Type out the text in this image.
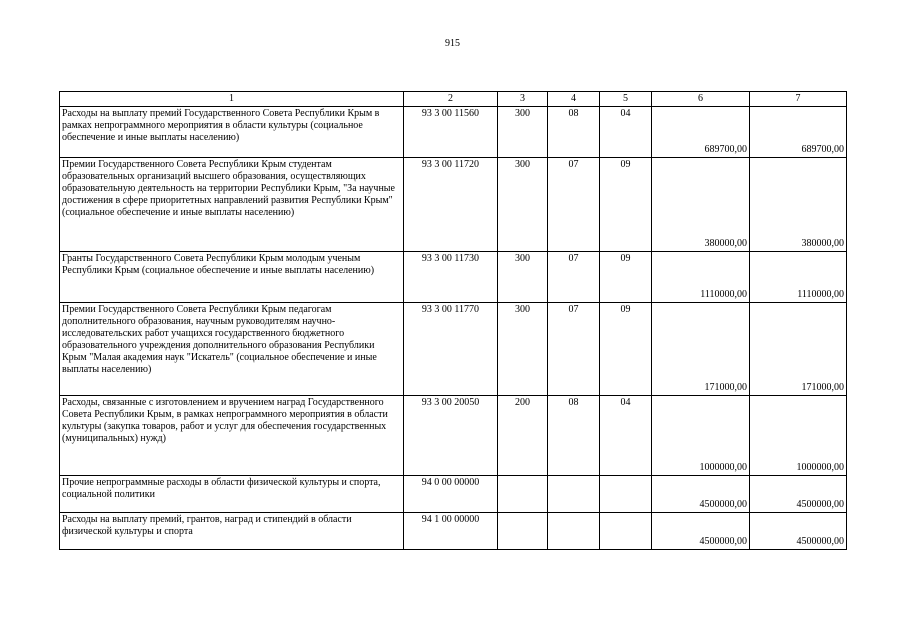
915
1	2	3	4	5	6	7
Расходы на выплату премий Государственного Совета Республики Крым в рамках непрограммного мероприятия в области культуры (социальное обеспечение и иные выплаты населению)	93 3 00 11560	300	08	04	689700,00	689700,00
Премии Государственного Совета Республики Крым студентам образовательных организаций высшего образования, осуществляющих образовательную деятельность на территории Республики Крым, "За научные достижения в сфере приоритетных направлений развития Республики Крым" (социальное обеспечение и иные выплаты населению)	93 3 00 11720	300	07	09	380000,00	380000,00
Гранты Государственного Совета Республики Крым молодым ученым Республики Крым (социальное обеспечение и иные выплаты населению)	93 3 00 11730	300	07	09	1110000,00	1110000,00
Премии Государственного Совета Республики Крым педагогам дополнительного образования, научным руководителям научно-исследовательских работ учащихся государственного бюджетного образовательного учреждения дополнительного образования Республики Крым "Малая академия наук "Искатель" (социальное обеспечение и иные выплаты населению)	93 3 00 11770	300	07	09	171000,00	171000,00
Расходы, связанные с изготовлением и вручением наград Государственного Совета Республики Крым, в рамках непрограммного мероприятия в области культуры (закупка товаров, работ и услуг для обеспечения государственных (муниципальных) нужд)	93 3 00 20050	200	08	04	1000000,00	1000000,00
Прочие непрограммные расходы в области физической культуры и спорта, социальной политики	94 0 00 00000				4500000,00	4500000,00
Расходы на выплату премий, грантов, наград и стипендий в области физической культуры и спорта	94 1 00 00000				4500000,00	4500000,00
